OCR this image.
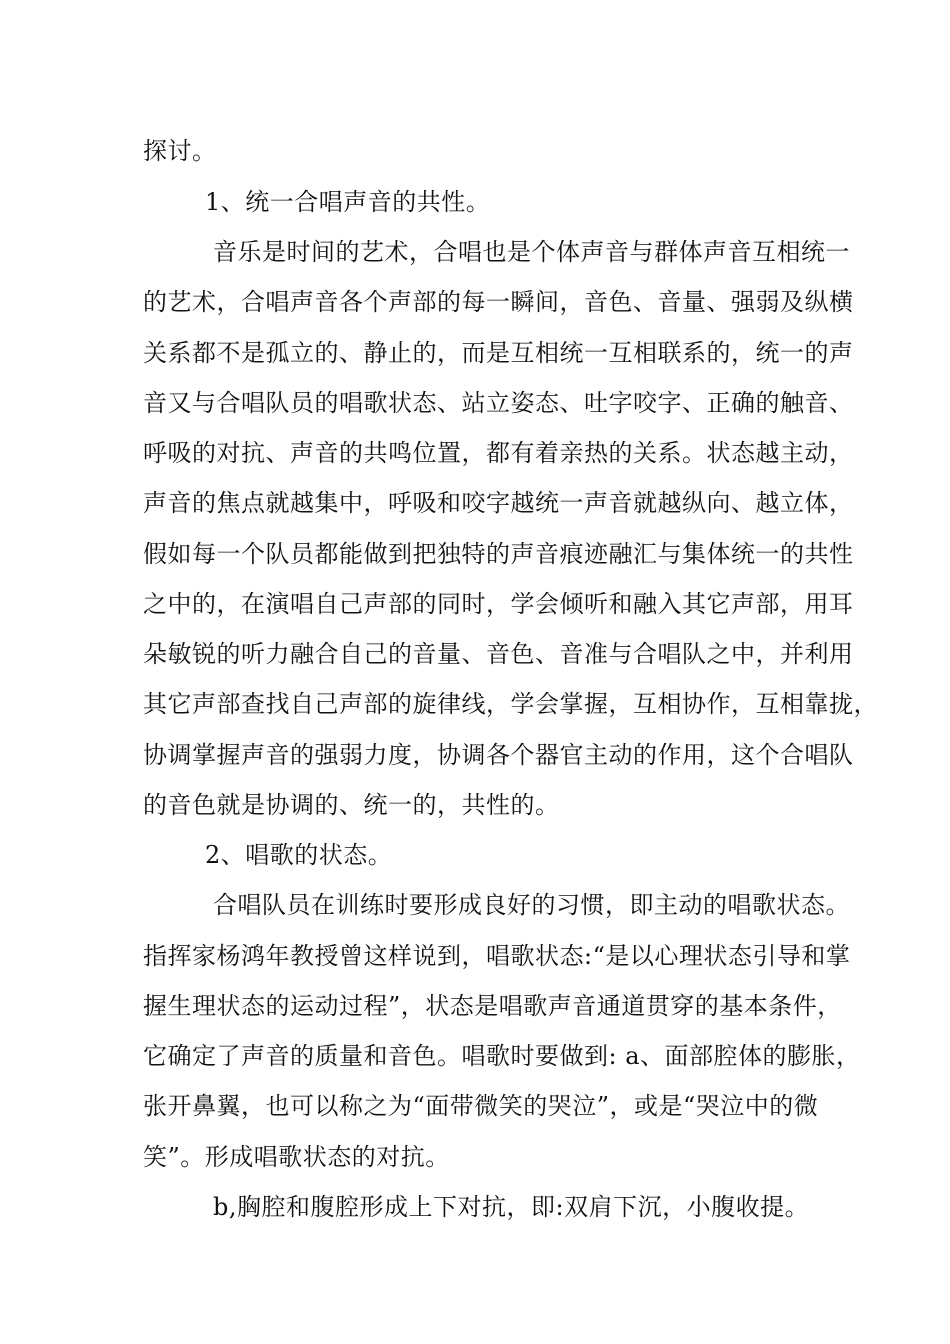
探讨。
1、统一合唱声音的共性。
音乐是时间的艺术，合唱也是个体声音与群体声音互相统一
的艺术，合唱声音各个声部的每一瞬间，音色、音量、强弱及纵横
关系都不是孤立的、静止的，而是互相统一互相联系的，统一的声
音又与合唱队员的唱歌状态、站立姿态、吐字咬字、正确的触音、
呼吸的对抗、声音的共鸣位置，都有着亲热的关系。状态越主动，
声音的焦点就越集中，呼吸和咬字越统一声音就越纵向、越立体，
假如每一个队员都能做到把独特的声音痕迹融汇与集体统一的共性
之中的，在演唱自己声部的同时，学会倾听和融入其它声部，用耳
朵敏锐的听力融合自己的音量、音色、音准与合唱队之中，并利用
其它声部查找自己声部的旋律线，学会掌握，互相协作，互相靠拢，
协调掌握声音的强弱力度，协调各个器官主动的作用，这个合唱队
的音色就是协调的、统一的，共性的。
2、唱歌的状态。
合唱队员在训练时要形成良好的习惯，即主动的唱歌状态。
指挥家杨鸿年教授曾这样说到，唱歌状态:“是以心理状态引导和掌
握生理状态的运动过程”，状态是唱歌声音通道贯穿的基本条件，
它确定了声音的质量和音色。唱歌时要做到: a、面部腔体的膨胀，
张开鼻翼，也可以称之为“面带微笑的哭泣”，或是“哭泣中的微
笑”。形成唱歌状态的对抗。
b,胸腔和腹腔形成上下对抗，即:双肩下沉，小腹收提。
